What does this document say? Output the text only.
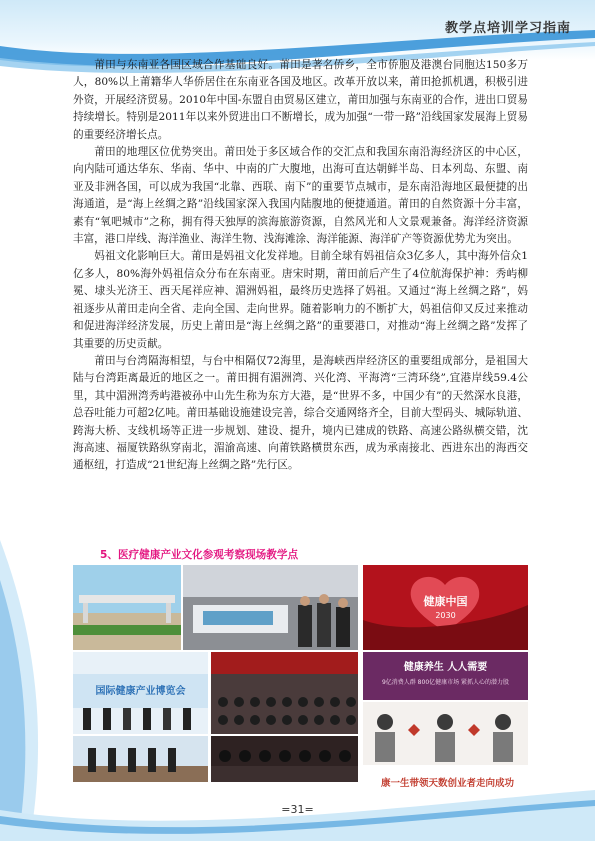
教学点培训学习指南

莆田与东南亚各国区域合作基础良好。莆田是著名侨乡，全市侨胞及港澳台同胞达150多万人，80%以上莆籍华人华侨居住在东南亚各国及地区。改革开放以来，莆田抢抓机遇，积极引进外资，开展经济贸易。2010年中国-东盟自由贸易区建立，莆田加强与东南亚的合作，进出口贸易持续增长。特别是2011年以来外贸进出口不断增长，成为加强“一带一路”沿线国家发展海上贸易的重要经济增长点。

莆田的地理区位优势突出。莆田处于多区域合作的交汇点和我国东南沿海经济区的中心区，向内陆可通达华东、华南、华中、中南的广大腹地，出海可直达朝鲜半岛、日本列岛、东盟、南亚及非洲各国，可以成为我国“北靠、西联、南下”的重要节点城市，是东南沿海地区最便捷的出海通道，是“海上丝绸之路”沿线国家深入我国内陆腹地的便捷通道。莆田的自然资源十分丰富，素有“氧吧城市”之称，拥有得天独厚的滨海旅游资源，自然风光和人文景观兼备。海洋经济资源丰富，港口岸线、海洋渔业、海洋生物、浅海滩涂、海洋能源、海洋矿产等资源优势尤为突出。

妈祖文化影响巨大。莆田是妈祖文化发祥地。目前全球有妈祖信众3亿多人，其中海外信众1亿多人，80%海外妈祖信众分布在东南亚。唐宋时期，莆田前后产生了4位航海保护神：秀屿柳冕、埭头光济王、西天尾祥应神、湄洲妈祖，最终历史选择了妈祖。又通过“海上丝绸之路”，妈祖逐步从莆田走向全省、走向全国、走向世界。随着影响力的不断扩大，妈祖信仰又反过来推动和促进海洋经济发展，历史上莆田是“海上丝绸之路”的重要港口，对推动“海上丝绸之路”发挥了其重要的历史贡献。

莆田与台湾隔海相望，与台中相隔仅72海里，是海峡西岸经济区的重要组成部分，是祖国大陆与台湾距离最近的地区之一。莆田拥有湄洲湾、兴化湾、平海湾“三湾环绕”,宜港岸线59.4公里，其中湄洲湾秀屿港被孙中山先生称为东方大港，是“世界不多，中国少有”的天然深水良港，总吞吐能力可超2亿吨。莆田基础设施建设完善，综合交通网络齐全，目前大型码头、城际轨道、跨海大桥、支线机场等正进一步规划、建设、提升，境内已建成的铁路、高速公路纵横交错，沈海高速、福厦铁路纵穿南北，湄渝高速、向莆铁路横贯东西，成为承南接北、西进东出的海西交通枢纽，打造成“21世纪海上丝绸之路”先行区。

5、医疗健康产业文化参观考察现场教学点
健康中国
2030
国际健康产业博览会
健康养生 人人需要
9亿消费人群 800亿健康市场 紧抓人心的潜力股
康一生带领天数创业者走向成功
=31=
